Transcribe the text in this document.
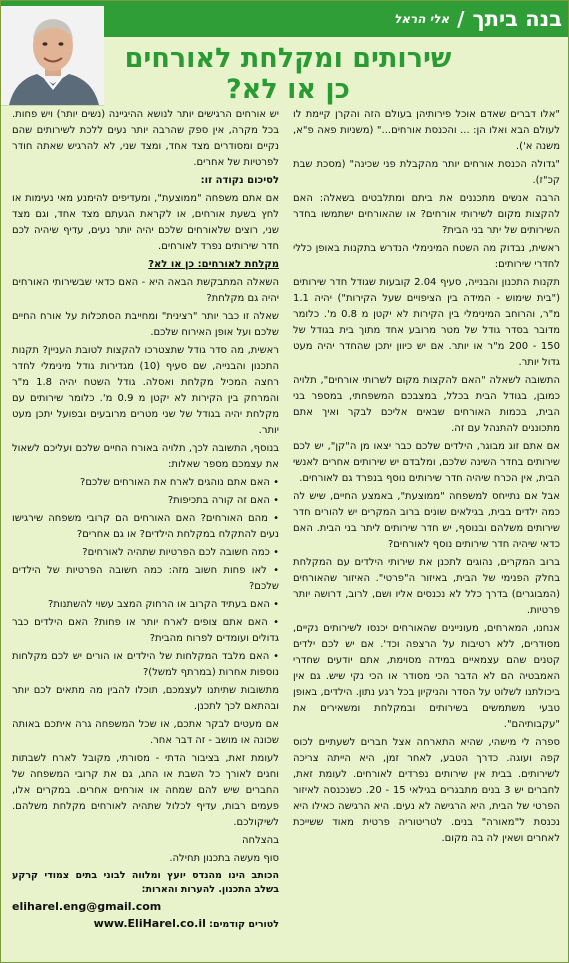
בנה ביתך
/
אלי הראל
שירותים ומקלחת לאורחים
כן או לא?

"אלו דברים שאדם אוכל פירותיהן בעולם הזה והקרן קיימת לו לעולם הבא ואלו הן: ... והכנסת אורחים..." (משניות פאה פ"א, משנה א').

"גדולה הכנסת אורחים יותר מהקבלת פני שכינה" (מסכת שבת קכ"ז).

הרבה אנשים מתכננים את ביתם ומתלבטים בשאלה: האם להקצות מקום לשירותי אורחים? או שהאורחים ישתמשו בחדר השירותים של יתר בני הבית?

ראשית, נבדוק מה השטח המינימלי הנדרש בתקנות באופן כללי לחדרי שירותים:

תקנות התכנון והבנייה, סעיף 2.04 קובעות שגודל חדר שירותים ("בית שימוש - המידה בין הציפויים שעל הקירות") יהיה 1.1 מ"ר, והרוחב המינימלי בין הקירות לא יקטן מ 0.8 מ'. כלומר מדובר בסדר גודל של מטר מרובע אחד מתוך בית בגודל של 150 - 200 מ"ר או יותר. אם יש כיוון יתכן שהחדר יהיה מעט גדול יותר.

התשובה לשאלה "האם להקצות מקום לשרותי אורחים", תלויה כמובן, בגודל הבית בכלל, במצבכם המשפחתי, במספר בני הבית, בכמות האורחים שבאים אליכם לבקר ואיך אתם מתכוננים להתנהל עם זה.

אם אתם זוג מבוגר, הילדים שלכם כבר יצאו מן ה"קן", יש לכם שירותים בחדר השינה שלכם, ומלבדם יש שירותים אחרים לאנשי הבית, אין הכרח שיהיה חדר שירותים נוסף בנפרד גם לאורחים.

אבל אם נתייחס למשפחה "ממוצעת", באמצע החיים, שיש לה כמה ילדים בבית, בגילאים שונים ברוב המקרים יש להורים חדר שירותים משלהם ובנוסף, יש חדר שירותים ליתר בני הבית. האם כדאי שיהיה חדר שירותים נוסף לאורחים?

ברוב המקרים, נהוגים לתכנן את שירותי הילדים עם המקלחת בחלק הפנימי של הבית, באיזור ה"פרטי". האיזור שהאורחים (המבוגרים) בדרך כלל לא נכנסים אליו ושם, לרוב, דרושה יותר פרטיות.

אנחנו, המארחים, מעוניינים שהאורחים יכנסו לשירותים נקיים, מסודרים, ללא רטיבות על הרצפה וכד'. אם יש לכם ילדים קטנים שהם עצמאיים במידה מסוימת, אתם יודעים שחדרי האמבטיה הם לא הדבר הכי מסודר או הכי נקי שיש. גם אין ביכולתנו לשלוט על הסדר והניקיון בכל רגע נתון. הילדים, באופן טבעי משתמשים בשירותים ובמקלחת ומשאירים את "עקבותיהם".

ספרה לי מישהי, שהיא התארחה אצל חברים לשעתיים לכוס קפה ועוגה. כדרך הטבע, לאחר זמן, היא הייתה צריכה לשירותים. בבית אין שירותים נפרדים לאורחים. לעומת זאת, לחברים יש 3 בנים מתבגרים בגילאי 15 - 20. כשנכנסה לאיזור הפרטי של הבית, היא הרגישה לא נעים. היא הרגישה כאילו היא נכנסת ל"מאורה" בנים. לטריטוריה פרטית מאוד ששייכת לאחרים ושאין לה בה מקום.

יש אורחים הרגישים יותר לנושא ההיגיינה (נשים יותר) ויש פחות. בכל מקרה, אין ספק שהרבה יותר נעים ללכת לשירותים שהם נקיים ומסודרים מצד אחד, ומצד שני, לא להרגיש שאתה חודר לפרטיות של אחרים.

לסיכום נקודה זו:

אם אתם משפחה "ממוצעת", ומעדיפים להימנע מאי נעימות או לחץ בשעת אורחים, או לקראת הגעתם מצד אחד, וגם מצד שני, רוצים שלאורחים שלכם יהיה יותר נעים, עדיף שיהיה לכם חדר שירותים נפרד לאורחים.

מקלחת לאורחים: כן או לא?

השאלה המתבקשת הבאה היא - האם כדאי שבשירותי האורחים יהיה גם מקלחת?

שאלה זו כבר יותר "רצינית" ומחייבת הסתכלות על אורח החיים שלכם ועל אופן האירוח שלכם.

ראשית, מה סדר גודל שתצטרכו להקצות לטובת העניין? תקנות התכנון והבנייה, שם סעיף (10) מגדירות גודל מינימלי לחדר רחצה המכיל מקלחת ואסלה. גודל השטח יהיה 1.8 מ"ר והמרחק בין הקירות לא יקטן מ 0.9 מ'. כלומר שירותים עם מקלחת יהיה בגודל של שני מטרים מרובעים ובפועל יתכן מעט יותר.

בנוסף, התשובה לכך, תלויה באורח החיים שלכם ועליכם לשאול את עצמכם מספר שאלות:

• האם אתם נוהגים לארח את האורחים שלכם?

• האם זה קורה בתכיפות?

• מהם האורחים? האם האורחים הם קרובי משפחה שירגישו נעים להתקלח במקלחת הילדים? או גם אחרים?

• כמה חשובה לכם הפרטיות שתהיה לאורחים?

• לאו פחות חשוב מזה: כמה חשובה הפרטיות של הילדים שלכם?

• האם בעתיד הקרוב או הרחוק המצב עשוי להשתנות?

• האם אתם צופים לארח יותר או פחות? האם הילדים כבר גדולים ועומדים לפרוח מהבית?

• האם מלבד המקלחות של הילדים או הורים יש לכם מקלחות נוספות אחרות (במרתף למשל)?

מתשובות שתיתנו לעצמכם, תוכלו להבין מה מתאים לכם יותר ובהתאם לכך לתכנן.

אם מעטים לבקר אתכם, או שכל המשפחה גרה איתכם באותה שכונה או מושב - זה דבר אחר.

לעומת זאת, בציבור הדתי - מסורתי, מקובל לארח לשבתות וחגים לאורך כל השבת או החג, גם את קרובי המשפחה של החברים שיש להם שמחה או אורחים אחרים. במקרים אלו, פעמים רבות, עדיף לכלול שתהיה לאורחים מקלחת משלהם. לשיקולכם.

בהצלחה

סוף מעשה בתכנון תחילה.

הכותב הינו מהנדס יועץ ומלווה לבוני בתים צמודי קרקע בשלב התכנון. להערות והארות:

eliharel.eng@gmail.com

לטורים קודמים: www.EliHarel.co.il
